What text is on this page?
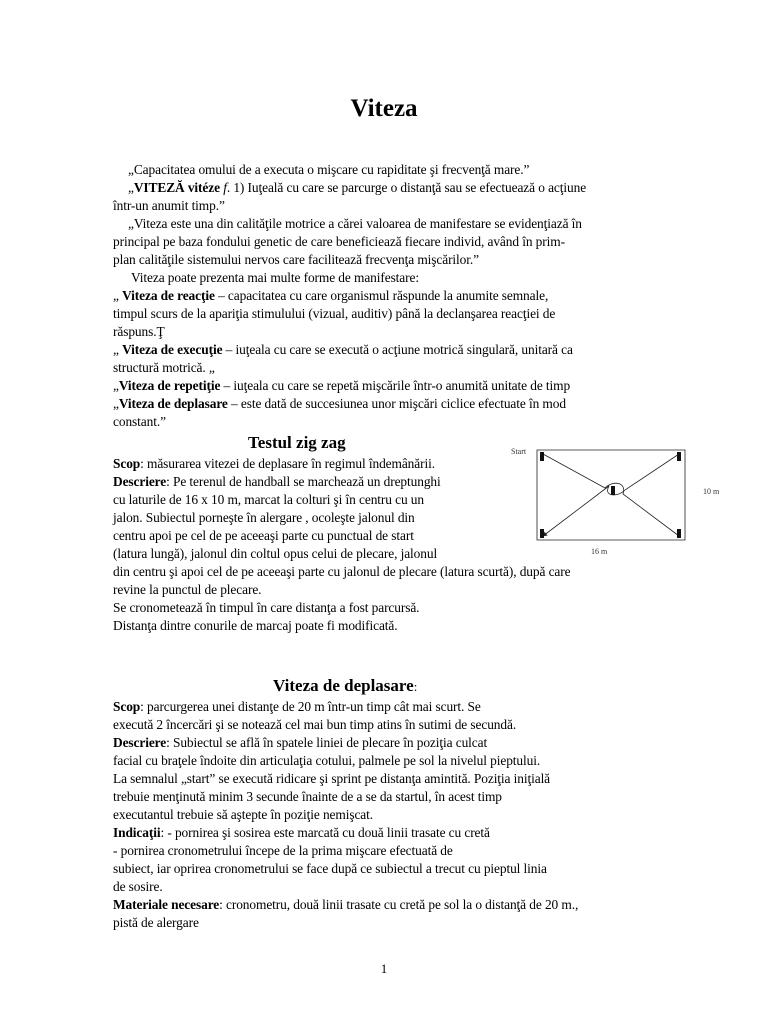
Viteza
„Capacitatea omului de a executa o mişcare cu rapiditate şi frecvenţă mare.”
„VITEZĂ vitéze f. 1) Iuţeală cu care se parcurge o distanţă sau se efectuează o acţiune
într-un anumit timp.”
„Viteza este una din calităţile motrice a cărei valoarea de manifestare se evidenţiază în
principal pe baza fondului genetic de care beneficiează fiecare individ, având în prim-
plan calităţile sistemului nervos care facilitează frecvenţa mişcărilor.”
Viteza poate prezenta mai multe forme de manifestare:
„ Viteza de reacţie – capacitatea cu care organismul răspunde la anumite semnale,
timpul scurs de la apariţia stimulului (vizual, auditiv) până la declanşarea reacţiei de
răspuns.Ţ
„ Viteza de execuţie – iuţeala cu care se execută o acţiune motrică singulară, unitară ca
structură motrică. „
„Viteza de repetiţie – iuţeala cu care se repetă mişcările într-o anumită unitate de timp
„Viteza de deplasare – este dată de succesiunea unor mişcări ciclice efectuate în mod
constant.”
Testul zig zag
Scop: măsurarea vitezei de deplasare în regimul îndemânării.
Descriere: Pe terenul de handball se marchează un dreptunghi
cu laturile de 16 x 10 m, marcat la colturi şi în centru cu un
jalon. Subiectul porneşte în alergare , ocoleşte jalonul din
centru apoi pe cel de pe aceeaşi parte cu punctual de start
(latura lungă), jalonul din coltul opus celui de plecare, jalonul
din centru şi apoi cel de pe aceeaşi parte cu jalonul de plecare (latura scurtă), după care
revine la punctul de plecare.
Se cronometează în timpul în care distanţa a fost parcursă.
Distanţa dintre conurile de marcaj poate fi modificată.
Start
10 m
16 m
Viteza de deplasare:
Scop: parcurgerea unei distanţe de 20 m într-un timp cât mai scurt. Se
execută 2 încercări şi se notează cel mai bun timp atins în sutimi de secundă.
Descriere: Subiectul se află în spatele liniei de plecare în poziţia culcat
facial cu braţele îndoite din articulaţia cotului, palmele pe sol la nivelul pieptului.
La semnalul „start” se execută ridicare şi sprint pe distanţa amintită. Poziţia iniţială
trebuie menţinută minim 3 secunde înainte de a se da startul, în acest timp
executantul trebuie să aştepte în poziţie nemişcat.
Indicaţii: - pornirea şi sosirea este marcată cu două linii trasate cu cretă
- pornirea cronometrului începe de la prima mişcare efectuată de
subiect, iar oprirea cronometrului se face după ce subiectul a trecut cu pieptul linia
de sosire.
Materiale necesare: cronometru, două linii trasate cu cretă pe sol la o distanţă de 20 m.,
pistă de alergare
1
